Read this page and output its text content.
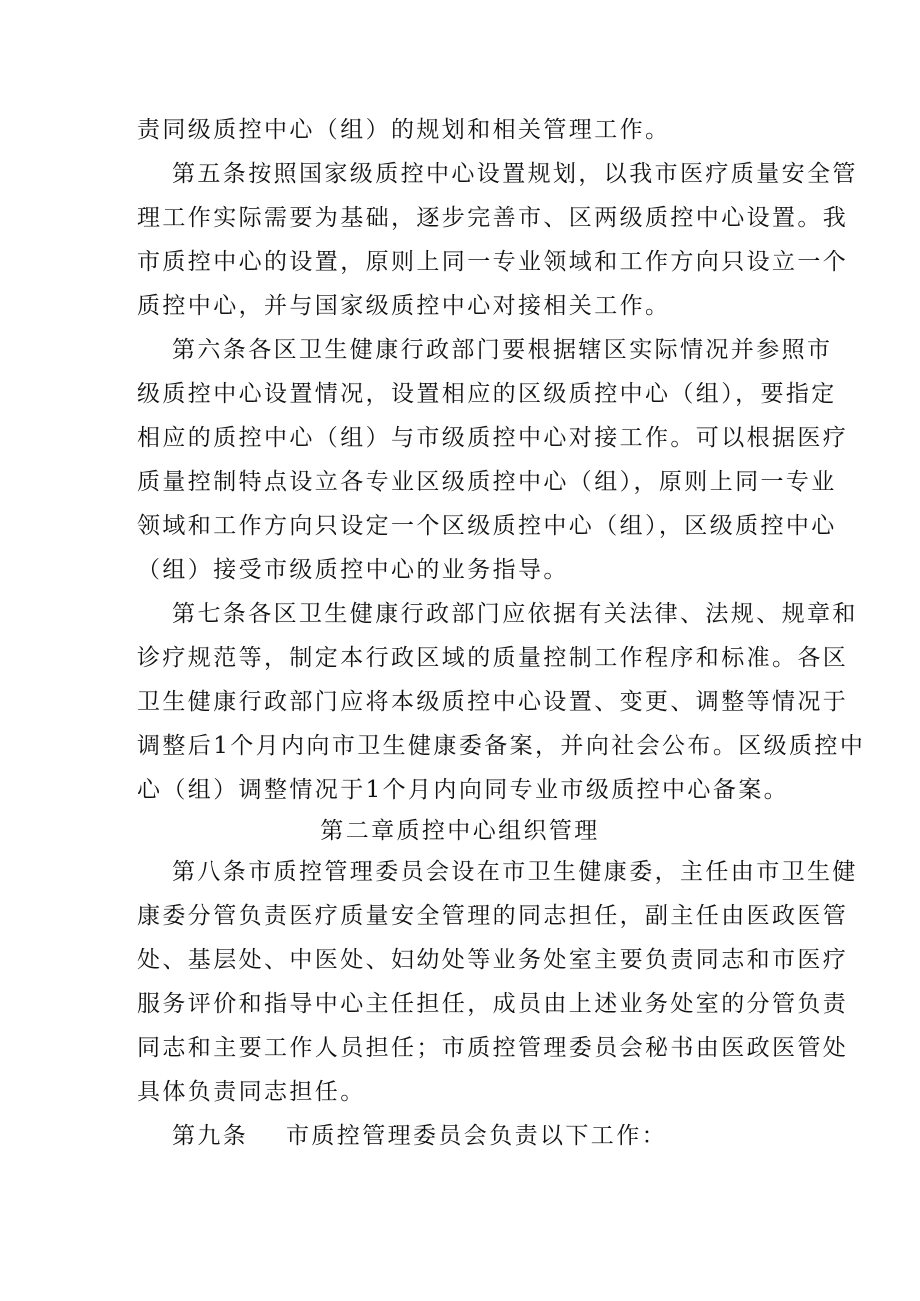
责同级质控中心（组）的规划和相关管理工作。
第五条按照国家级质控中心设置规划，以我市医疗质量安全管
理工作实际需要为基础，逐步完善市、区两级质控中心设置。我
市质控中心的设置，原则上同一专业领域和工作方向只设立一个
质控中心，并与国家级质控中心对接相关工作。
第六条各区卫生健康行政部门要根据辖区实际情况并参照市
级质控中心设置情况，设置相应的区级质控中心（组），要指定
相应的质控中心（组）与市级质控中心对接工作。可以根据医疗
质量控制特点设立各专业区级质控中心（组），原则上同一专业
领域和工作方向只设定一个区级质控中心（组），区级质控中心
（组）接受市级质控中心的业务指导。
第七条各区卫生健康行政部门应依据有关法律、法规、规章和
诊疗规范等，制定本行政区域的质量控制工作程序和标准。各区
卫生健康行政部门应将本级质控中心设置、变更、调整等情况于
调整后1个月内向市卫生健康委备案，并向社会公布。区级质控中
心（组）调整情况于1个月内向同专业市级质控中心备案。
第二章质控中心组织管理
第八条市质控管理委员会设在市卫生健康委，主任由市卫生健
康委分管负责医疗质量安全管理的同志担任，副主任由医政医管
处、基层处、中医处、妇幼处等业务处室主要负责同志和市医疗
服务评价和指导中心主任担任，成员由上述业务处室的分管负责
同志和主要工作人员担任；市质控管理委员会秘书由医政医管处
具体负责同志担任。
第九条 市质控管理委员会负责以下工作：
